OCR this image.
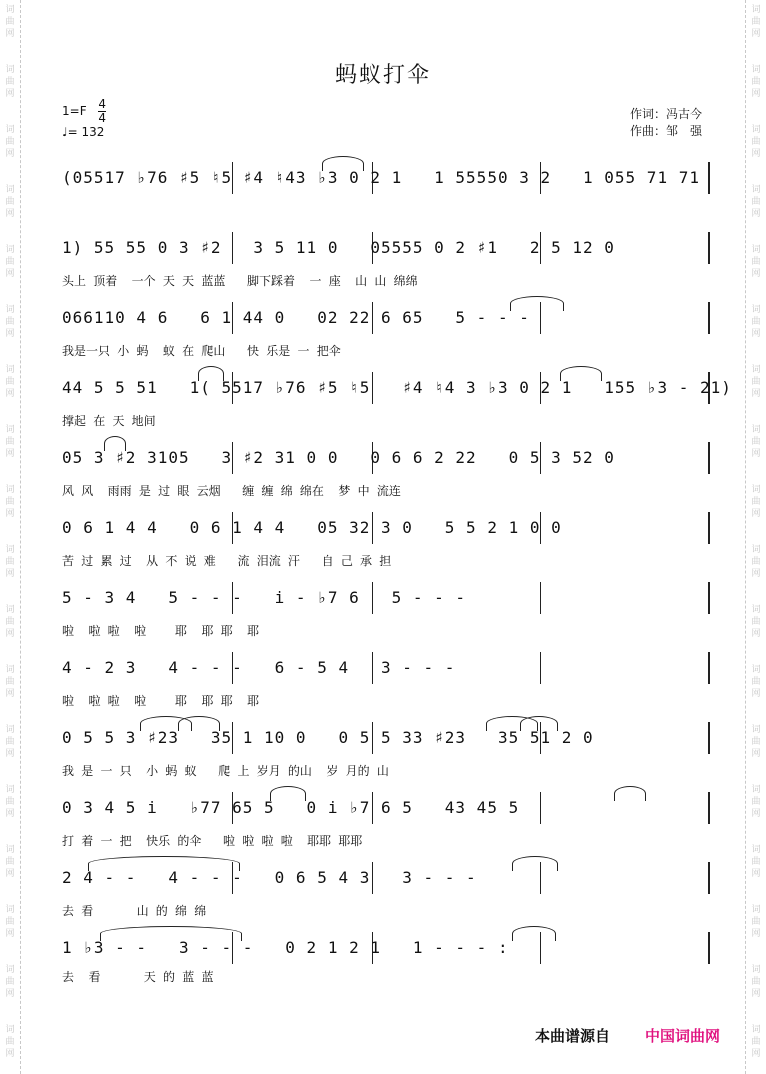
词曲网
词曲网
词曲网
词曲网
词曲网
词曲网
词曲网
词曲网
词曲网
词曲网
词曲网
词曲网
词曲网
词曲网
词曲网
词曲网
词曲网
词曲网
词曲网
词曲网
词曲网
词曲网
词曲网
词曲网
词曲网
词曲网
词曲网
词曲网
词曲网
词曲网
词曲网
词曲网
词曲网
词曲网
词曲网
词曲网
蚂蚁打伞
$1=F \frac{4}{4}$
♩= 132
作词：冯古今
作曲：邹　强
(05517 ♭76 ♯5 ♮5 ♯4 ♮43 ♭3 0 2 1   1 55550 3 2   1 055 71 71
1) 55 55 0 3 ♯2   3 5 11 0   05555 0 2 ♯1   2 5 12 0
头上 顶着  一个 天 天 蓝蓝   脚下踩着  一 座  山 山 绵绵
066110 4 6   6 1 44 0   02 22 6 65   5 - - -
我是一只 小 蚂  蚁 在 爬山   快 乐是 一 把伞
44 5 5 51   1( 5517 ♭76 ♯5 ♮5   ♯4 ♮4 3 ♭3 0 2 1   155 ♭3 - 21)
撑起 在 天 地间
05 3 ♯2 3105   3 ♯2 31 0 0   0 6 6 2 22   0 5 3 52 0
风 风  雨雨 是 过 眼 云烟   缠 缠 绵 绵在  梦 中 流连
0 6 1 4 4   0 6 1 4 4   05 32 3 0   5 5 2 1 0 0
苦 过 累 过  从 不 说 难   流 泪流 汗   自 己 承 担
5 - 3 4   5 - - -   i - ♭7 6   5 - - -
啦  啦 啦  啦    耶  耶 耶  耶
4 - 2 3   4 - - -   6 - 5 4   3 - - -
啦  啦 啦  啦    耶  耶 耶  耶
0 5 5 3 ♯23   35 1 10 0   0 5 5 33 ♯23   35 51 2 0
我 是 一 只  小 蚂 蚁   爬 上 岁月 的山  岁 月的 山
0 3 4 5 i   ♭77 65 5   0 i ♭7 6 5   43 45 5
打 着 一 把  快乐 的伞   啦 啦 啦 啦  耶耶 耶耶
2 4 - -   4 - - -   0 6 5 4 3   3 - - -
去 看      山 的 绵 绵
1 ♭3 - -   3 - - -   0 2 1 2 1   1 - - - :
去  看      天 的 蓝 蓝
本曲谱源自 中国词曲网
